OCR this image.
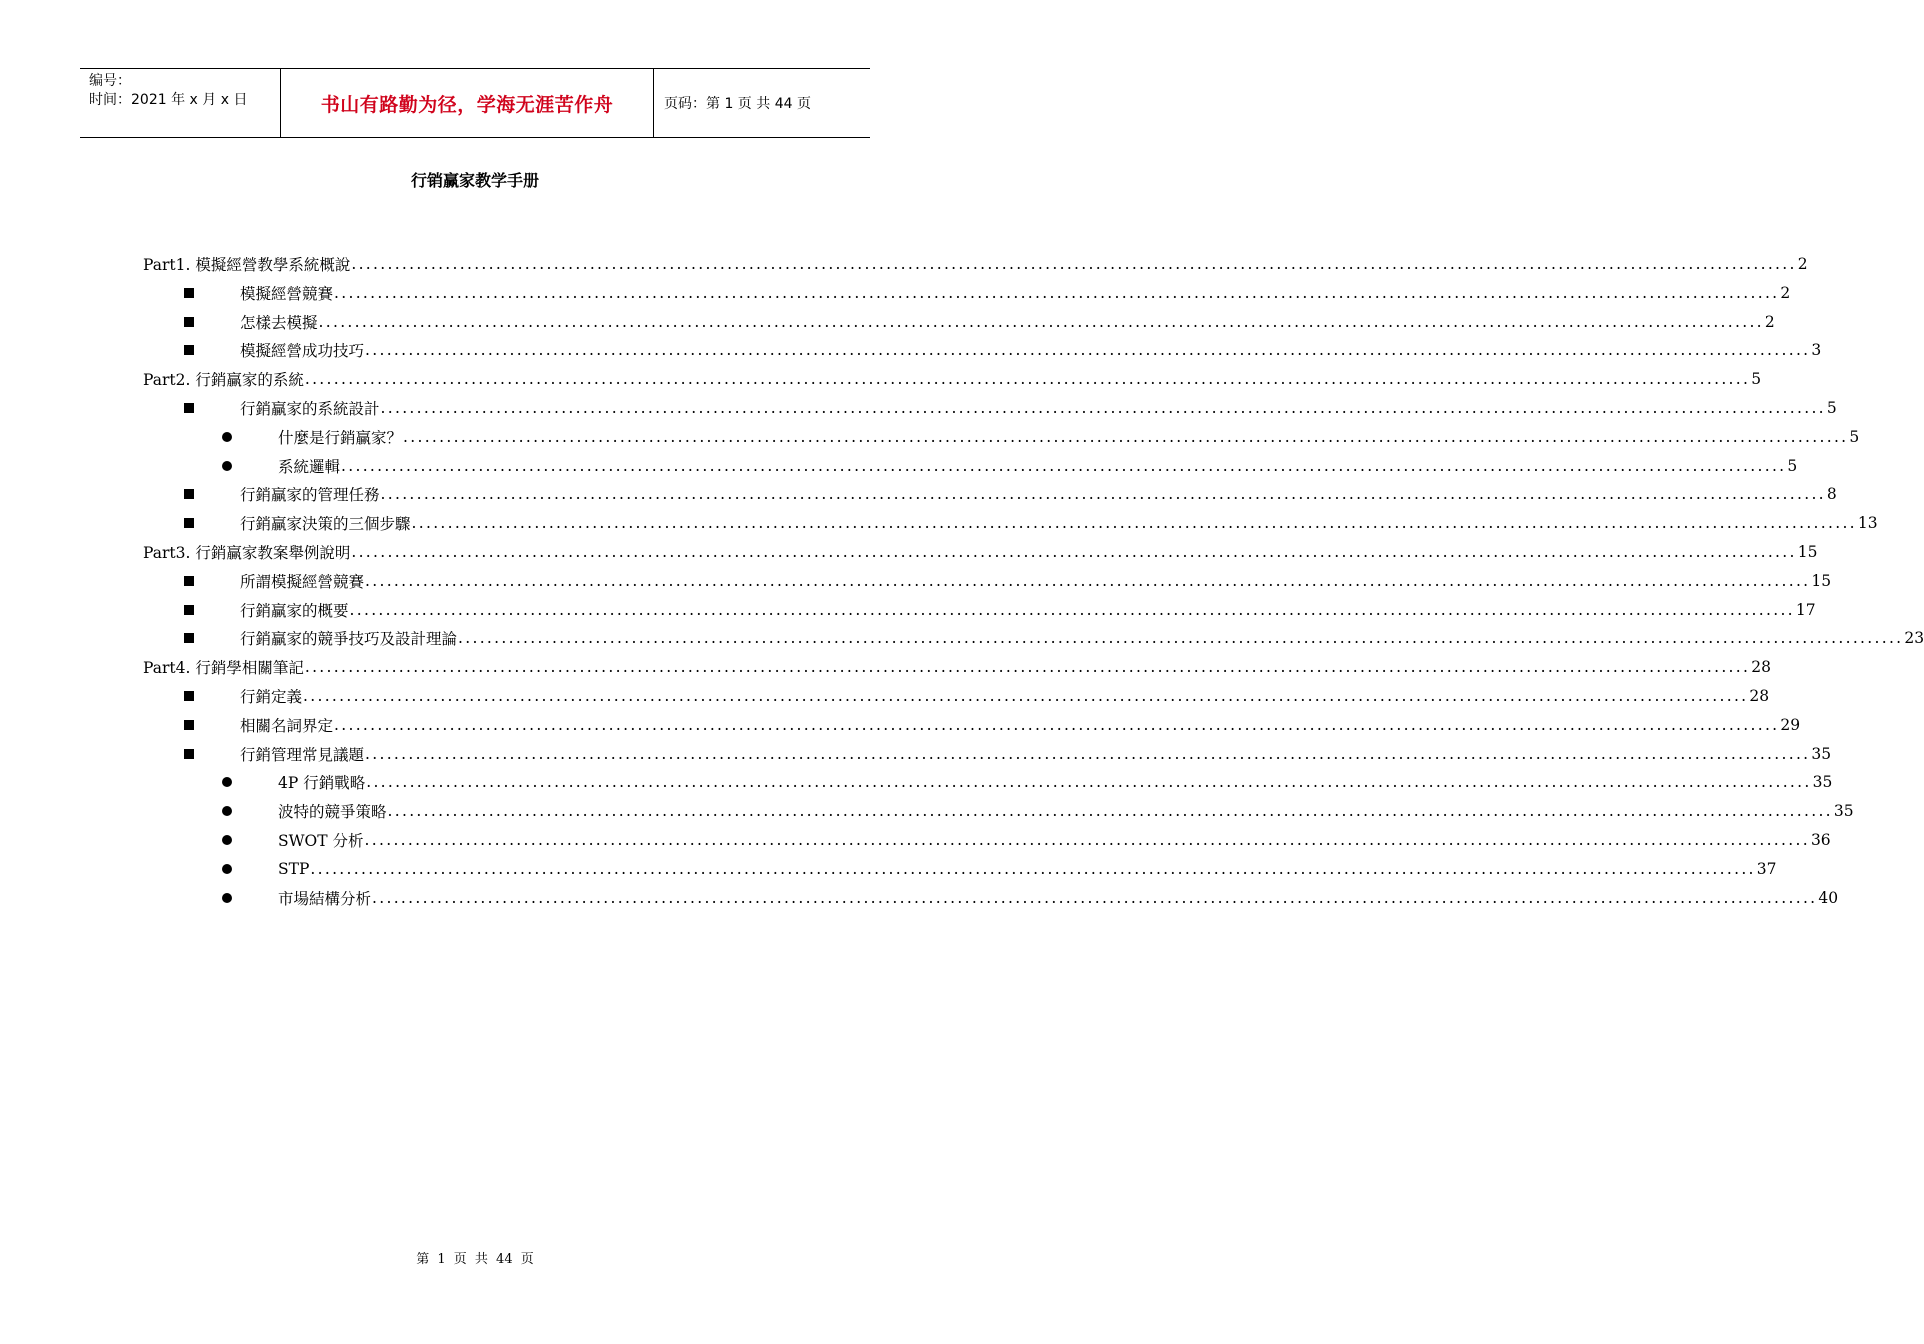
编号：
时间：2021 年 x 月 x 日	书山有路勤为径，学海无涯苦作舟	页码：第 1 页 共 44 页
行销赢家教学手册
Part1. 模擬經營教學系統概說 ........................................................................................................................................................................................................ 2
模擬經營競賽 ........................................................................................................................................................................................................ 2
怎樣去模擬 ........................................................................................................................................................................................................ 2
模擬經營成功技巧 ........................................................................................................................................................................................................ 3
Part2. 行銷贏家的系統 ........................................................................................................................................................................................................ 5
行銷贏家的系統設計 ........................................................................................................................................................................................................ 5
什麼是行銷贏家？ ........................................................................................................................................................................................................ 5
系統邏輯 ........................................................................................................................................................................................................ 5
行銷贏家的管理任務 ........................................................................................................................................................................................................ 8
行銷贏家決策的三個步驟 ........................................................................................................................................................................................................ 13
Part3. 行銷贏家教案舉例說明 ........................................................................................................................................................................................................ 15
所謂模擬經營競賽 ........................................................................................................................................................................................................ 15
行銷贏家的概要 ........................................................................................................................................................................................................ 17
行銷贏家的競爭技巧及設計理論 ........................................................................................................................................................................................................ 23
Part4. 行銷學相關筆記 ........................................................................................................................................................................................................ 28
行銷定義 ........................................................................................................................................................................................................ 28
相關名詞界定 ........................................................................................................................................................................................................ 29
行銷管理常見議題 ........................................................................................................................................................................................................ 35
4P 行銷戰略 ........................................................................................................................................................................................................ 35
波特的競爭策略 ........................................................................................................................................................................................................ 35
SWOT 分析 ........................................................................................................................................................................................................ 36
STP ........................................................................................................................................................................................................ 37
市場結構分析 ........................................................................................................................................................................................................ 40
第 1 页 共 44 页
